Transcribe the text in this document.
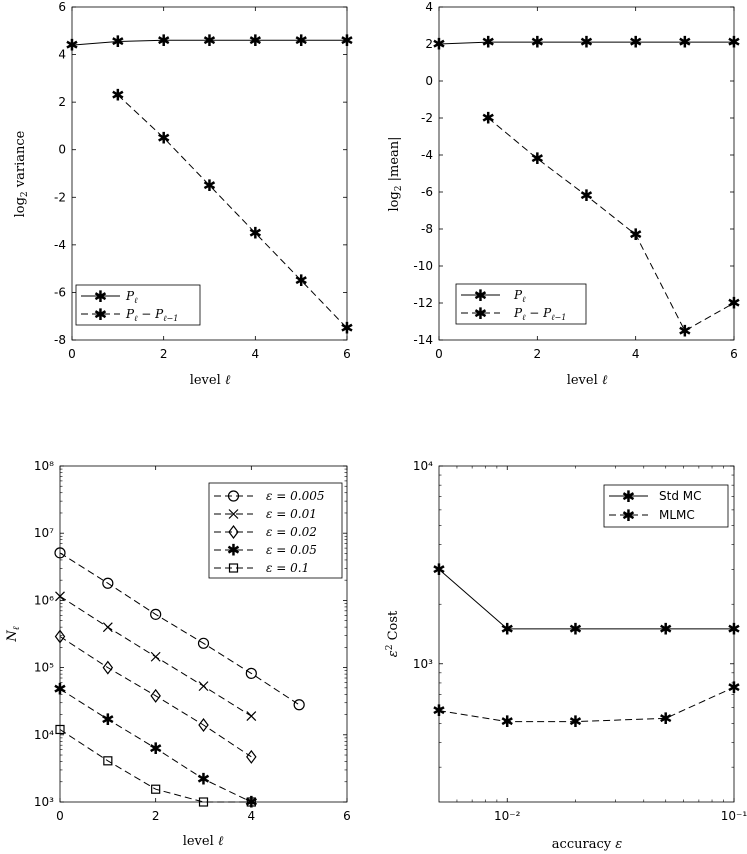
$\log_2$ variance
level ℓ
✱ $P_\ell$
✱ $P_\ell - P_{\ell-1}$
$\log_2$ |mean|
level ℓ
✱ $P_\ell$
✱ $P_\ell - P_{\ell-1}$
$N_\ell$
level ℓ
ε = 0.005
ε = 0.01
ε = 0.02
✱ ε = 0.05
ε = 0.1
$\varepsilon^2$ Cost
accuracy ε
✱ Std MC
✱ MLMC
-8
-6
-4
-2
0
2
4
6
0	2	4	6
✱ ✱ ✱ ✱ ✱ ✱ ✱
✱
✱
✱
✱
✱
✱
-14
-12
-10
-8
-6
-4
-2
0
2
4
0	2	4	6
✱ ✱ ✱ ✱ ✱ ✱ ✱
✱
✱
✱
✱
✱
✱
10³
10⁴
10⁵
10⁶
10⁷
10⁸
0	2	4	6
✱
✱
✱
✱
✱
10³
10⁴
10⁻²	10⁻¹
✱
✱	✱	✱	✱
✱
✱	✱	✱
✱
